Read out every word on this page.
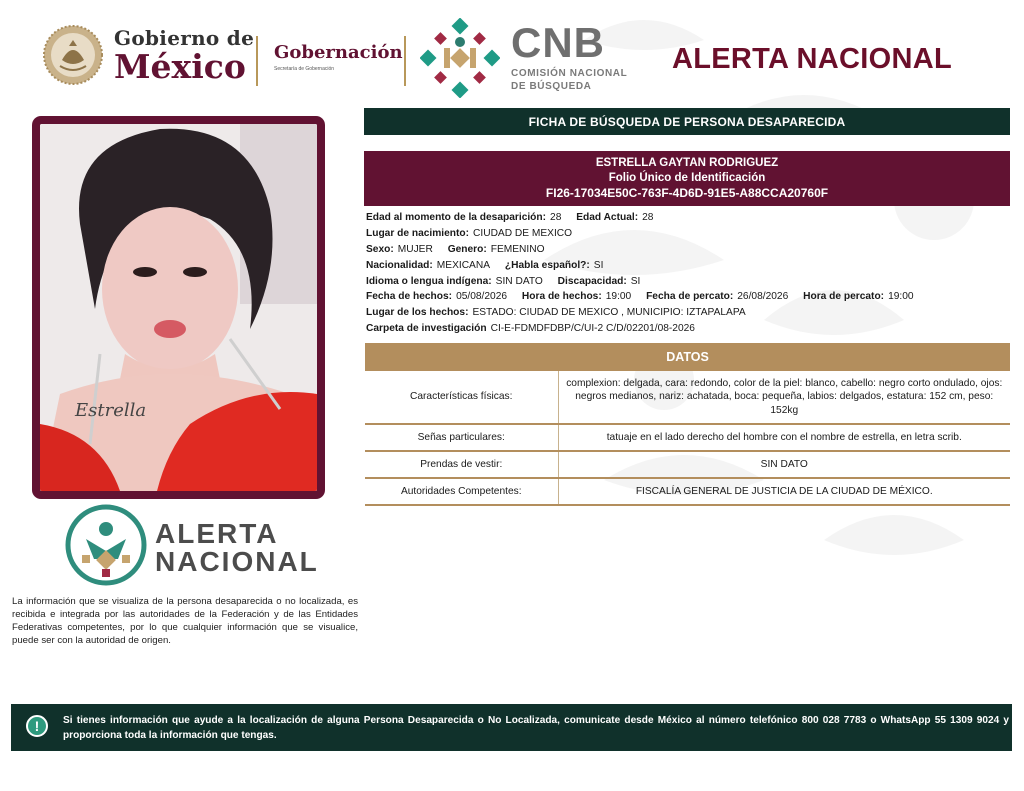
Gobierno de
México	Gobernación
Secretaría de Gobernación
CNB
COMISIÓN NACIONAL
DE BÚSQUEDA
ALERTA NACIONAL
Estrella
ALERTA
NACIONAL
La información que se visualiza de la persona desaparecida o no localizada, es recibida e integrada por las autoridades de la Federación y de las Entidades Federativas competentes, por lo que cualquier información que se visualice, puede ser con la autoridad de origen.
FICHA DE BÚSQUEDA DE PERSONA DESAPARECIDA
ESTRELLA GAYTAN RODRIGUEZ
Folio Único de Identificación
FI26-17034E50C-763F-4D6D-91E5-A88CCA20760F
Edad al momento de la desaparición: 28 Edad Actual: 28
Lugar de nacimiento: CIUDAD DE MEXICO
Sexo: MUJER Genero: FEMENINO
Nacionalidad: MEXICANA ¿Habla español?: SI
Idioma o lengua indígena: SIN DATO Discapacidad: SI
Fecha de hechos: 05/08/2026 Hora de hechos: 19:00 Fecha de percato: 26/08/2026 Hora de percato: 19:00
Lugar de los hechos: ESTADO: CIUDAD DE MEXICO , MUNICIPIO: IZTAPALAPA
Carpeta de investigación CI-E-FDMDFDBP/C/UI-2 C/D/02201/08-2026
DATOS
Características físicas:	complexion: delgada, cara: redondo, color de la piel: blanco, cabello: negro corto ondulado, ojos: negros medianos, nariz: achatada, boca: pequeña, labios: delgados, estatura: 152 cm, peso: 152kg
Señas particulares:	tatuaje en el lado derecho del hombre con el nombre de estrella, en letra scrib.
Prendas de vestir:	SIN DATO
Autoridades Competentes:	FISCALÍA GENERAL DE JUSTICIA DE LA CIUDAD DE MÉXICO.
!	Si tienes información que ayude a la localización de alguna Persona Desaparecida o No Localizada, comunicate desde México al número telefónico 800 028 7783 o WhatsApp 55 1309 9024 y proporciona toda la información que tengas.
